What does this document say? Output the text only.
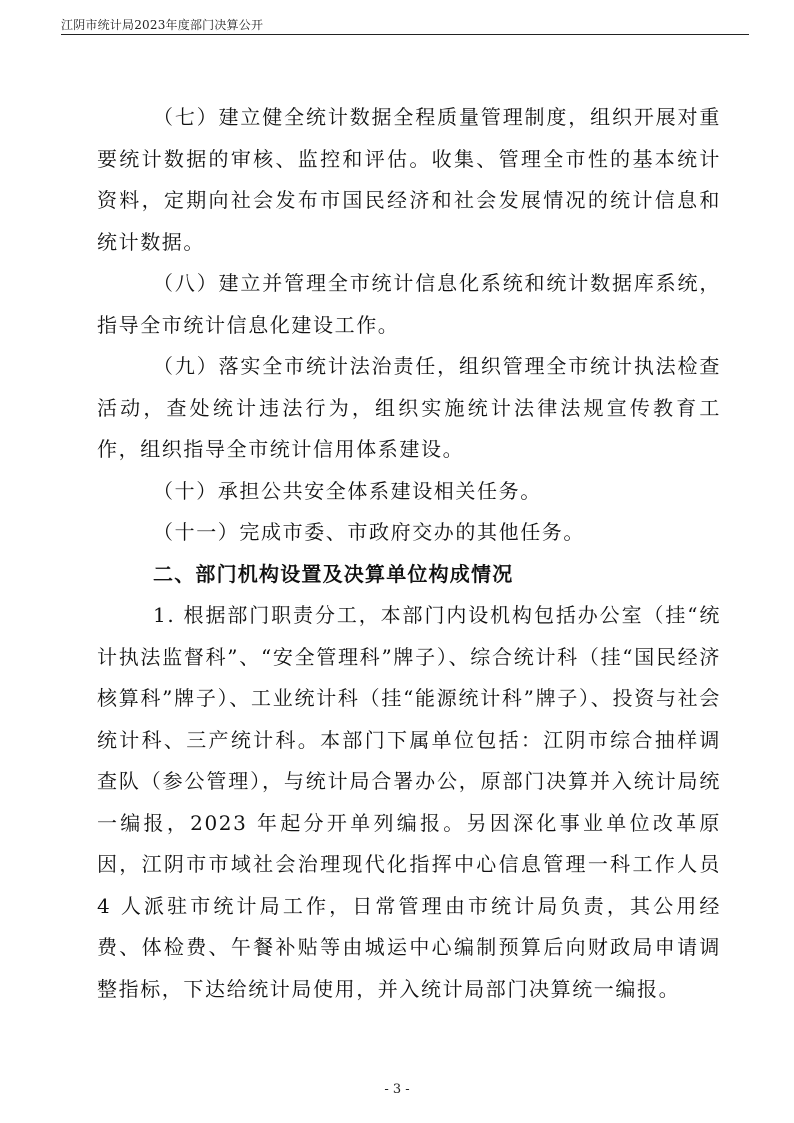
江阴市统计局2023年度部门决算公开

（七）建立健全统计数据全程质量管理制度，组织开展对重要统计数据的审核、监控和评估。收集、管理全市性的基本统计资料，定期向社会发布市国民经济和社会发展情况的统计信息和统计数据。

（八）建立并管理全市统计信息化系统和统计数据库系统，指导全市统计信息化建设工作。

（九）落实全市统计法治责任，组织管理全市统计执法检查活动，查处统计违法行为，组织实施统计法律法规宣传教育工作，组织指导全市统计信用体系建设。

（十）承担公共安全体系建设相关任务。

（十一）完成市委、市政府交办的其他任务。

二、部门机构设置及决算单位构成情况

1. 根据部门职责分工，本部门内设机构包括办公室（挂“统计执法监督科”、“安全管理科”牌子）、综合统计科（挂“国民经济核算科”牌子）、工业统计科（挂“能源统计科”牌子）、投资与社会统计科、三产统计科。本部门下属单位包括：江阴市综合抽样调查队（参公管理），与统计局合署办公，原部门决算并入统计局统一编报，2023 年起分开单列编报。另因深化事业单位改革原因，江阴市市域社会治理现代化指挥中心信息管理一科工作人员 4 人派驻市统计局工作，日常管理由市统计局负责，其公用经费、体检费、午餐补贴等由城运中心编制预算后向财政局申请调整指标，下达给统计局使用，并入统计局部门决算统一编报。

- 3 -
